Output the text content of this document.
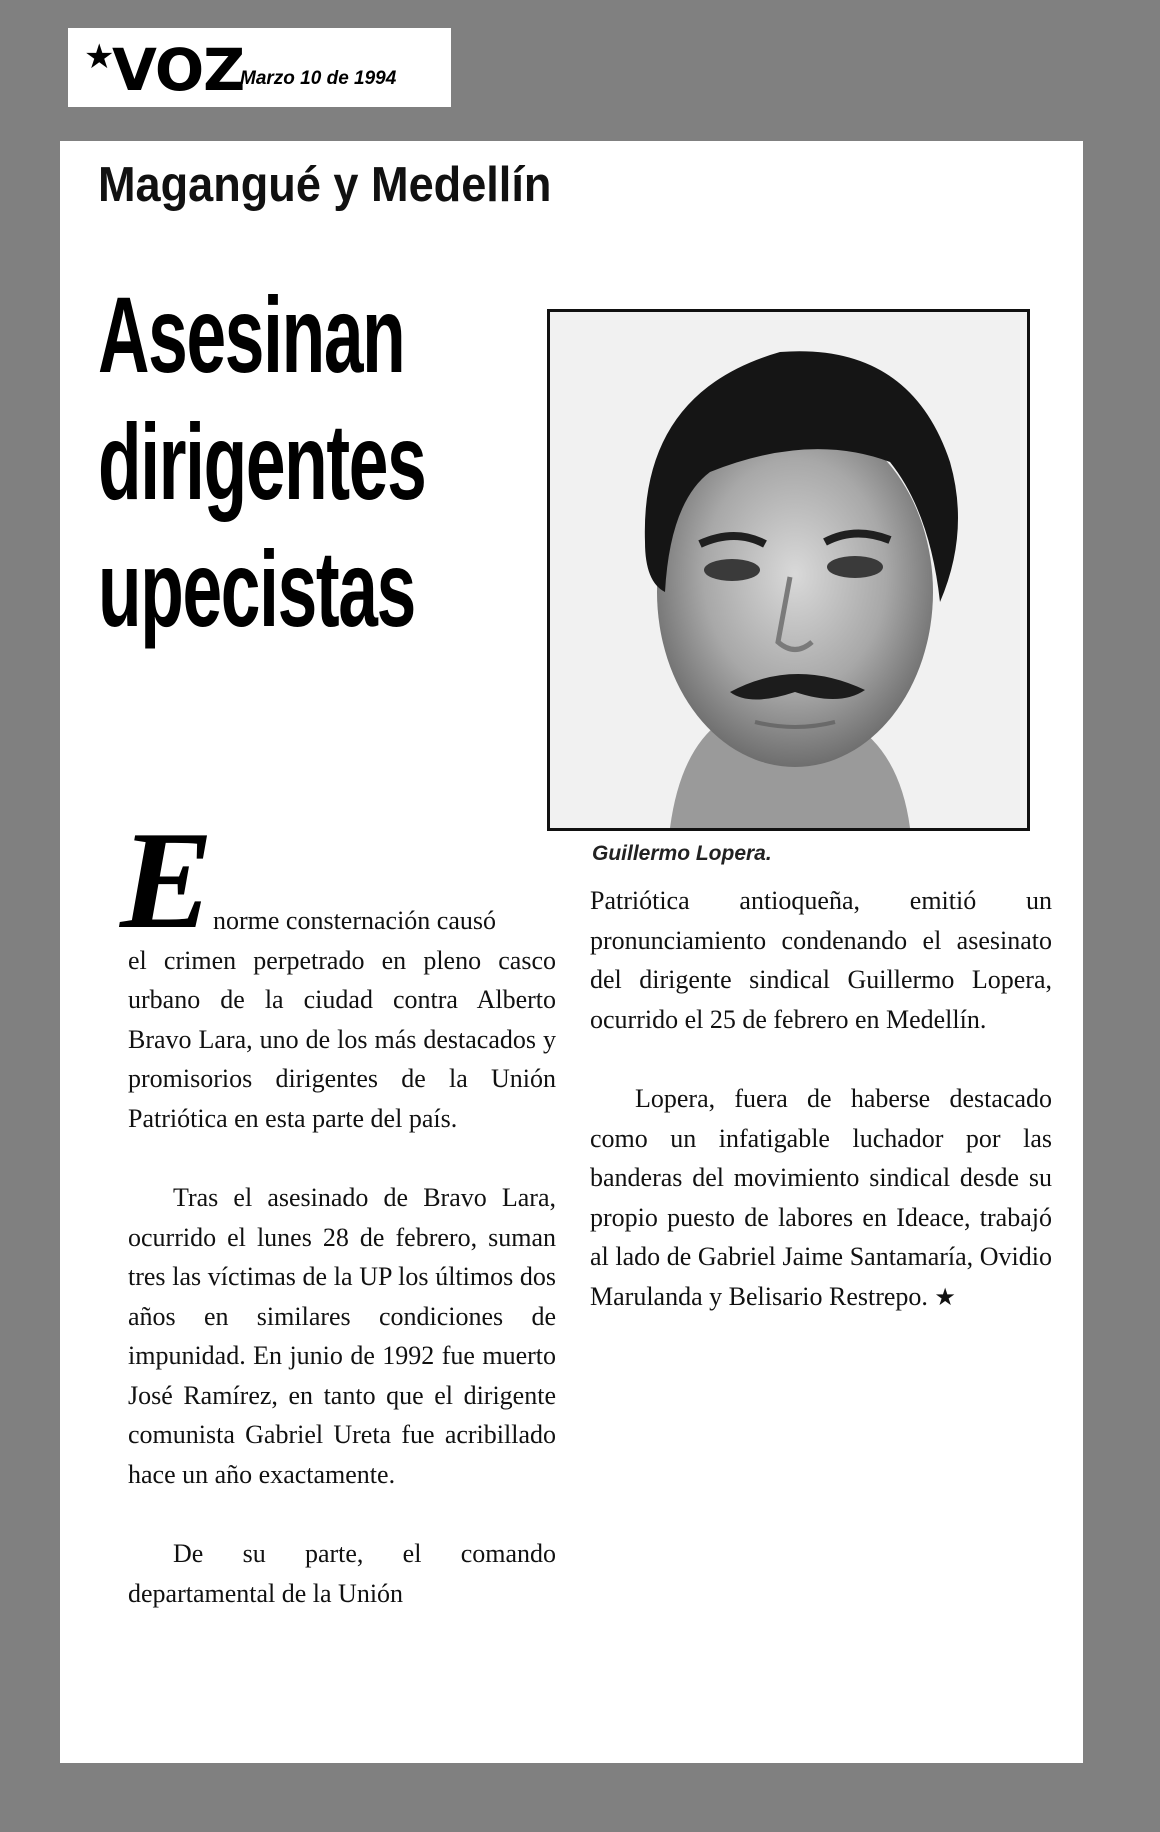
★
VOZ
Marzo 10 de 1994
Magangué y Medellín
Asesinan
dirigentes
upecistas

Guillermo Lopera.

E norme consternación causó
el crimen perpetrado en pleno casco urbano de la ciudad contra Alberto Bravo Lara, uno de los más destacados y promisorios dirigentes de la Unión Patriótica en esta parte del país.

Tras el asesinado de Bravo Lara, ocurrido el lunes 28 de febrero, suman tres las víctimas de la UP los últimos dos años en similares condiciones de impunidad. En junio de 1992 fue muerto José Ramírez, en tanto que el dirigente comunista Gabriel Ureta fue acribillado hace un año exactamente.

De su parte, el comando departamental de la Unión

Patriótica antioqueña, emitió un pronunciamiento condenando el asesinato del dirigente sindical Guillermo Lopera, ocurrido el 25 de febrero en Medellín.

Lopera, fuera de haberse destacado como un infatigable luchador por las banderas del movimiento sindical desde su propio puesto de labores en Ideace, trabajó al lado de Gabriel Jaime Santamaría, Ovidio Marulanda y Belisario Restrepo. ★
